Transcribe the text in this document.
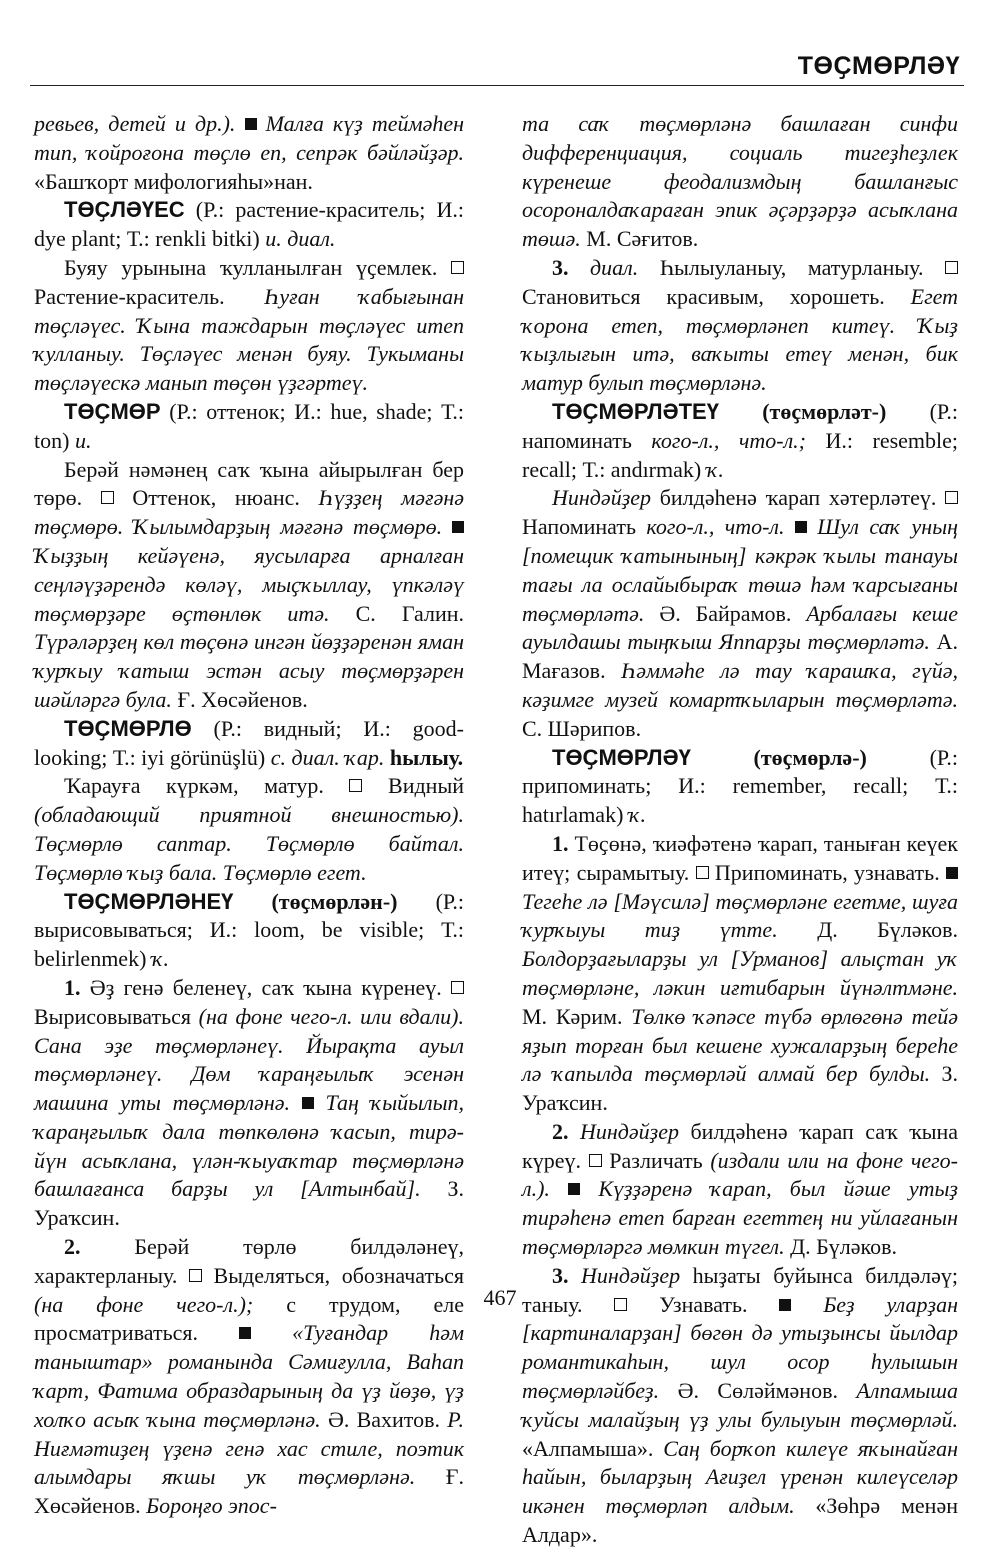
ТӨҪМӨРЛӘҮ

ревьев, детей и др.). Малға күҙ теймәһен тип, ҡойроғона төҫлө еп, сепрәк бәйләйҙәр. «Башҡорт мифологияһы»нан.

ТӨҪЛӘҮЕС (Р.: растение-краситель; И.: dye plant; Т.: renkli bitki) и. диал.

Буяу урынына ҡулланылған үҫемлек.  Растение-краситель. Һуған ҡабығынан төҫләүес. Ҡына таждарын төҫләүес итеп ҡулланыу. Төҫләүес менән буяу. Тукыманы төҫләүескә манып төҫөн үҙгәртеү.

ТӨҪМӨР (Р.: оттенок; И.: hue, shade; Т.: ton) и.

Берәй нәмәнең саҡ ҡына айырылған бер төрө. Оттенок, нюанс. Һүҙҙең мәғәнә төҫмөрө. Ҡылымдарҙың мәғәнә төҫмөрө.  Ҡыҙҙың кейәүенә, яусыларға арналған сеңләүҙәрендә көләү, мыҫҡыллау, үпкәләү төҫмөрҙәре өҫтөнлөк итә. С. Галин. Түрәләрҙең көл төҫөнә ингән йөҙҙәренән яман ҡурҡыу ҡатыш эстән асыу төҫмөрҙәрен шәйләргә була. Ғ. Хөсәйенов.

ТӨҪМӨРЛӨ (Р.: видный; И.: good-looking; Т.: iyi görünüşlü) с. диал. ҡар. һылыу.

Ҡарауға күркәм, матур.	Видный (обладающий приятной внешностью). Төҫмөрлө саптар. Төҫмөрлө байтал. Төҫмөрлө ҡыҙ бала. Төҫмөрлө егет.

ТӨҪМӨРЛӘНЕҮ (төҫмөрлән-) (Р.: вырисовываться; И.: loom, be visible; Т.: belirlenmek) ҡ.

1. Әҙ генә беленеү, саҡ ҡына күренеү.  Вырисовываться (на фоне чего-л. или вдали). Сана эҙе төҫмөрләнеү. Йырақта ауыл төҫмөрләнеү. Дөм ҡараңғылыҡ эсенән машина уты төҫмөрләнә. Таң ҡыйылып, ҡараңғылыҡ дала төпкөлөнә ҡасып, тирә-йүн асыҡлана, үлән-ҡыуаҡтар төҫмөрләнә башлағанса барҙы ул [Алтынбай]. З. Ураҡсин.

2. Берәй төрлө билдәләнеү, характерланыу. Выделяться, обозначаться (на фоне чего-л.); с трудом, еле просматриваться.	«Туғандар һәм таныштар» романында Сәмиғулла, Ваһап ҡарт, Фатима образдарының да үҙ йөҙө, үҙ холҡо асыҡ ҡына төҫмөрләнә. Ә. Вахитов. Р. Ниғмәтиҙең үҙенә генә хас стиле, поэтик алымдары яҡшы уҡ төҫмөрләнә. Ғ. Хөсәйенов. Бороңғо эпос-

та саҡ төҫмөрләнә башлаған синфи дифференциация, социаль тигеҙһеҙлек күренеше феодализмдың башланғыс осороналдаҡараған эпик әҫәрҙәрҙә асыҡлана төшә. М. Сәғитов.

3. диал. Һылыуланыу, матурланыу.  Становиться красивым, хорошеть. Егет ҡорона етеп, төҫмөрләнеп китеү. Ҡыҙ ҡыҙлығын итә, ваҡыты етеү менән, бик матур булып төҫмөрләнә.

ТӨҪМӨРЛӘТЕҮ (төҫмөрләт-) (Р.: напоминать кого-л., что-л.; И.: resemble; recall; Т.: andırmak) ҡ.

Ниндәйҙер билдәһенә ҡарап хәтерләтеү.  Напоминать кого-л., что-л. Шул саҡ уның [помещик ҡатынының] кәкрәк ҡылы танауы тағы ла ослайыбыраҡ төшә һәм ҡарсығаны төҫмөрләтә. Ә. Байрамов. Арбалағы кеше ауылдашы тыңҡыш Яппарҙы төҫмөрләтә. А. Мағазов. Һәммәһе лә тау ҡарашҡа, гүйә, кәҙимге музей комартҡыларын төҫмөрләтә. С. Шәрипов.

ТӨҪМӨРЛӘҮ	(төҫмөрлә-)	(Р.: припоминать; И.: remember, recall; Т.: hatırlamak) ҡ.

1. Төҫөнә, ҡиәфәтенә ҡарап, таныған кеүек итеү; сырамытыу. Припоминать, узнавать.  Тегеһе лә [Мәүсилә] төҫмөрләне егетме, шуға ҡурҡыуы тиҙ үтте. Д. Бүләков. Болдорҙағыларҙы ул [Урманов] алыҫтан уҡ төҫмөрләне, ләкин иғтибарын йүнәлтмәне. М. Кәрим. Төлкө ҡәпәсе түбә өрлөгөнә тейә яҙып торған был кешене хужаларҙың береһе лә ҡапылда төҫмөрләй алмай бер булды. З. Ураҡсин.

2. Ниндәйҙер билдәһенә ҡарап саҡ ҡына күреү. Различать (издали или на фоне чего-л.). Күҙҙәренә ҡарап, был йәше утыҙ тирәһенә етеп барған егеттең ни уйлағанын төҫмөрләргә мөмкин түгел. Д. Бүләков.

3. Ниндәйҙер һыҙаты буйынса билдәләү; таныу.	Узнавать.	Беҙ уларҙан [картиналарҙан] бөгөн дә утыҙынсы йылдар романтикаһын, шул осор һулышын төҫмөрләйбеҙ. Ә. Сөләймәнов. Алпамыша ҡуйсы малайҙың үҙ улы булыуын төҫмөрләй. «Алпамыша». Саң борҡоп килеүе яҡынайған һайын, быларҙың Ағиҙел үренән килеүселәр икәнен төҫмөрләп алдым. «Зөһрә менән Алдар».

467
